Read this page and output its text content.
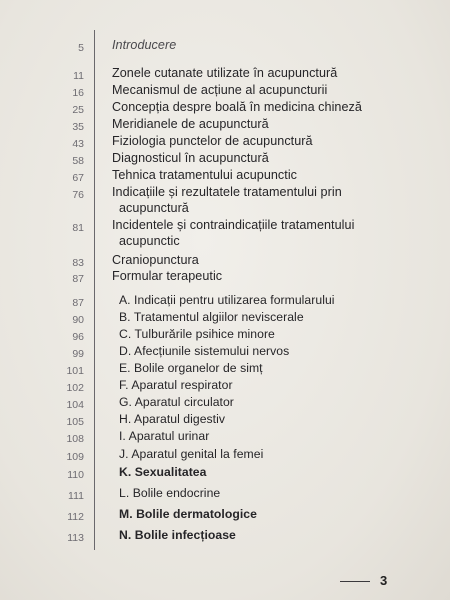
5 Introducere
11 Zonele cutanate utilizate în acupunctură
16 Mecanismul de acțiune al acupuncturii
25 Concepția despre boală în medicina chineză
35 Meridianele de acupunctură
43 Fiziologia punctelor de acupunctură
58 Diagnosticul în acupunctură
67 Tehnica tratamentului acupunctic
76 Indicațiile și rezultatele tratamentului prin
acupunctură
81 Incidentele și contraindicațiile tratamentului
acupunctic
83 Craniopunctura
87 Formular terapeutic
87	A. Indicații pentru utilizarea formularului
90	B. Tratamentul algiilor neviscerale
96	C. Tulburările psihice minore
99	D. Afecțiunile sistemului nervos
101	E. Bolile organelor de simț
102	F. Aparatul respirator
104	G. Aparatul circulator
105	H. Aparatul digestiv
108	I. Aparatul urinar
109	J. Aparatul genital la femei
110	K. Sexualitatea
111	L. Bolile endocrine
112	M. Bolile dermatologice
113	N. Bolile infecțioase
3
